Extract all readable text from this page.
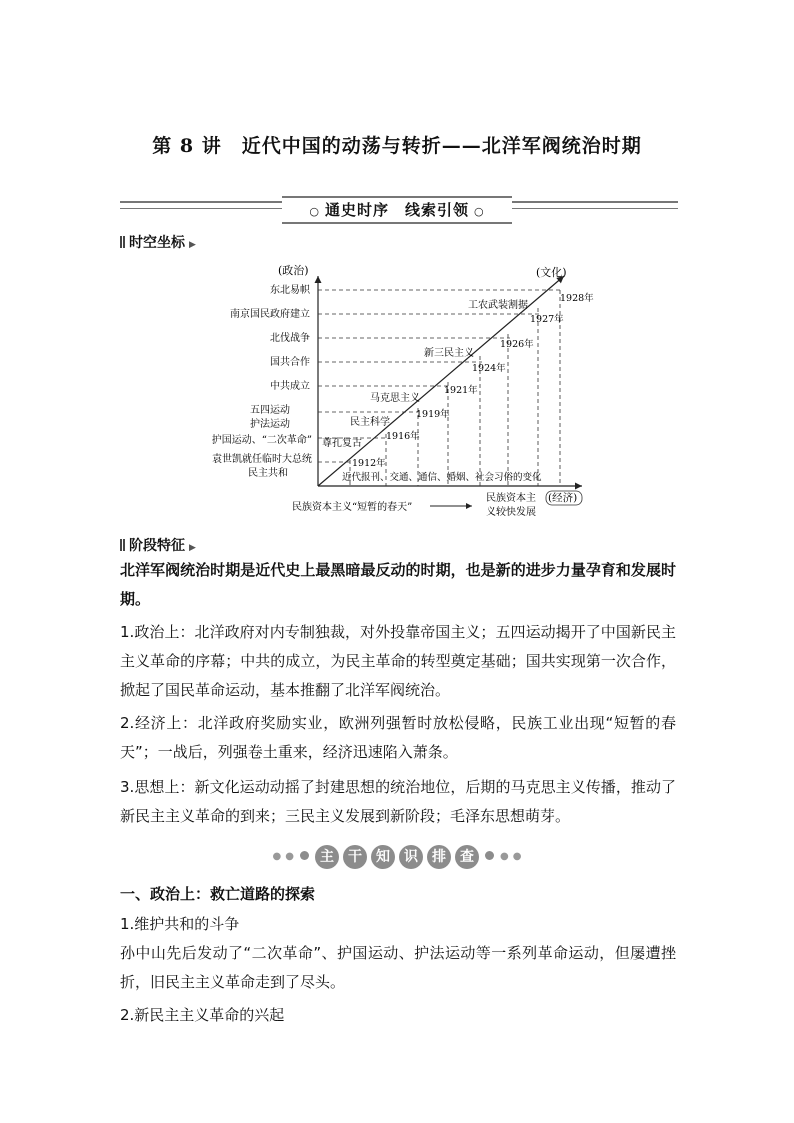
第 8 讲　近代中国的动荡与转折——北洋军阀统治时期
○ 通史时序　线索引领 ○
时空坐标 ▶
(政治)	(文化)
东北易帜
南京国民政府建立
北伐战争
国共合作
中共成立
五四运动
护法运动
护国运动、“二次革命”
袁世凯就任临时大总统
民主共和
1912年
1916年
1919年
1921年
1924年
1926年
1927年
1928年
工农武装割据
新三民主义
马克思主义
民主科学
尊孔复古
近代报刊、交通、通信、婚姻、社会习俗的变化
(经济)
民族资本主义“短暂的春天”
民族资本主
义较快发展
阶段特征 ▶
北洋军阀统治时期是近代史上最黑暗最反动的时期，也是新的进步力量孕育和发展时期。
1.政治上：北洋政府对内专制独裁，对外投靠帝国主义；五四运动揭开了中国新民主主义革命的序幕；中共的成立，为民主革命的转型奠定基础；国共实现第一次合作，掀起了国民革命运动，基本推翻了北洋军阀统治。
2.经济上：北洋政府奖励实业，欧洲列强暂时放松侵略，民族工业出现“短暂的春天”；一战后，列强卷土重来，经济迅速陷入萧条。
3.思想上：新文化运动动摇了封建思想的统治地位，后期的马克思主义传播，推动了新民主主义革命的到来；三民主义发展到新阶段；毛泽东思想萌芽。
● ● 主 干 知 识 排 查	● ●
一、政治上：救亡道路的探索
1.维护共和的斗争
孙中山先后发动了“二次革命”、护国运动、护法运动等一系列革命运动，但屡遭挫折，旧民主主义革命走到了尽头。
2.新民主主义革命的兴起
